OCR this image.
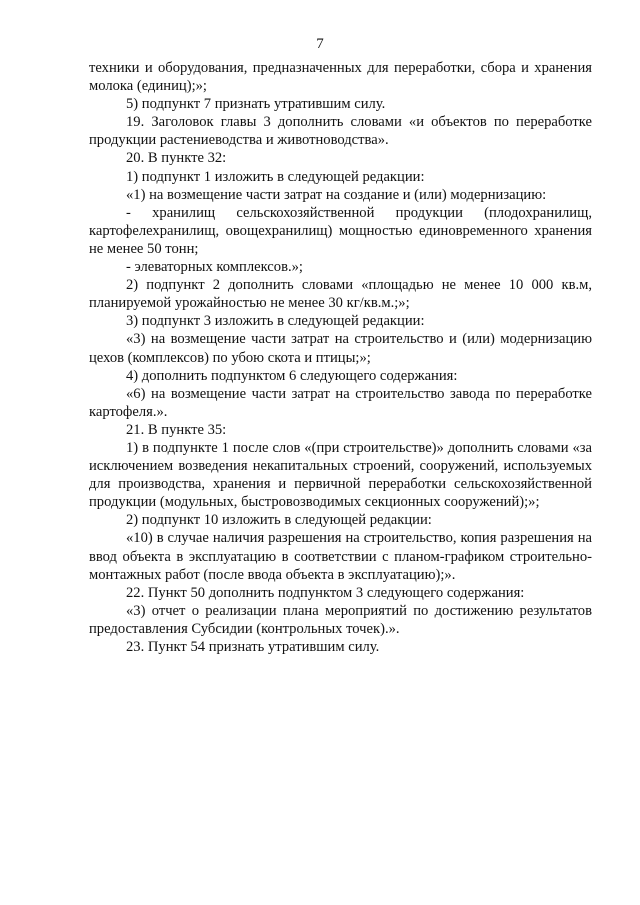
7

техники и оборудования, предназначенных для переработки, сбора и хранения молока (единиц);»;

5) подпункт 7 признать утратившим силу.

19. Заголовок главы 3 дополнить словами «и объектов по переработке продукции растениеводства и животноводства».

20. В пункте 32:

1) подпункт 1 изложить в следующей редакции:

«1) на возмещение части затрат на создание и (или) модернизацию:

- хранилищ сельскохозяйственной продукции (плодохранилищ, картофелехранилищ, овощехранилищ) мощностью единовременного хранения не менее 50 тонн;

- элеваторных комплексов.»;

2) подпункт 2 дополнить словами «площадью не менее 10 000 кв.м, планируемой урожайностью не менее 30 кг/кв.м.;»;

3) подпункт 3 изложить в следующей редакции:

«3) на возмещение части затрат на строительство и (или) модернизацию цехов (комплексов) по убою скота и птицы;»;

4) дополнить подпунктом 6 следующего содержания:

«6) на возмещение части затрат на строительство завода по переработке картофеля.».

21. В пункте 35:

1) в подпункте 1 после слов «(при строительстве)» дополнить словами «за исключением возведения некапитальных строений, сооружений, используемых для производства, хранения и первичной переработки сельскохозяйственной продукции (модульных, быстровозводимых секционных сооружений);»;

2) подпункт 10 изложить в следующей редакции:

«10) в случае наличия разрешения на строительство, копия разрешения на ввод объекта в эксплуатацию в соответствии с планом-графиком строительно-монтажных работ (после ввода объекта в эксплуатацию);».

22. Пункт 50 дополнить подпунктом 3 следующего содержания:

«3) отчет о реализации плана мероприятий по достижению результатов предоставления Субсидии (контрольных точек).».

23. Пункт 54 признать утратившим силу.
